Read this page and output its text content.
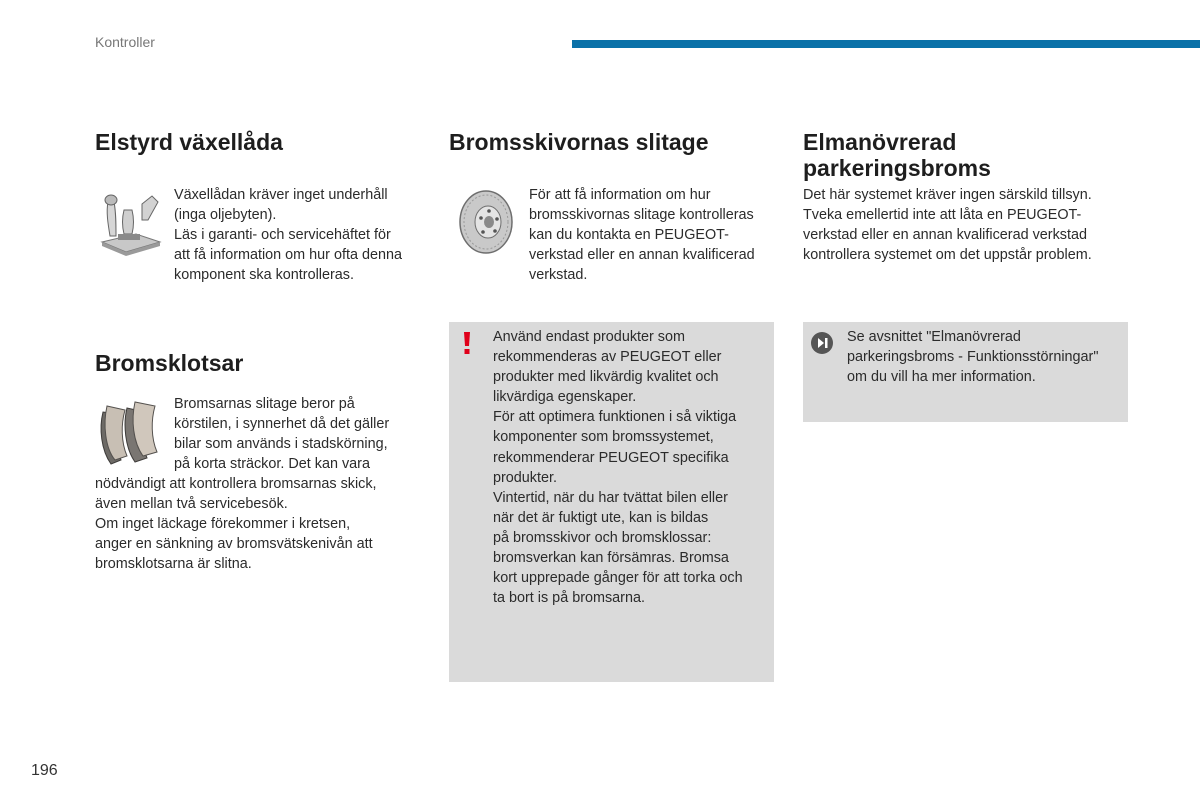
Kontroller
Elstyrd växellåda

Växellådan kräver inget underhåll
(inga oljebyten).
Läs i garanti- och servicehäftet för
att få information om hur ofta denna
komponent ska kontrolleras.

Bromsklotsar

Bromsarnas slitage beror på
körstilen, i synnerhet då det gäller
bilar som används i stadskörning,
på korta sträckor. Det kan vara

nödvändigt att kontrollera bromsarnas skick,
även mellan två servicebesök.
Om inget läckage förekommer i kretsen,
anger en sänkning av bromsvätskenivån att
bromsklotsarna är slitna.

Bromsskivornas slitage

För att få information om hur
bromsskivornas slitage kontrolleras
kan du kontakta en PEUGEOT-
verkstad eller en annan kvalificerad
verkstad.

Använd endast produkter som
rekommenderas av PEUGEOT eller
produkter med likvärdig kvalitet och
likvärdiga egenskaper.
För att optimera funktionen i så viktiga
komponenter som bromssystemet,
rekommenderar PEUGEOT specifika
produkter.
Vintertid, när du har tvättat bilen eller
när det är fuktigt ute, kan is bildas
på bromsskivor och bromsklossar:
bromsverkan kan försämras. Bromsa
kort upprepade gånger för att torka och
ta bort is på bromsarna.

Elmanövrerad
parkeringsbroms

Det här systemet kräver ingen särskild tillsyn.
Tveka emellertid inte att låta en PEUGEOT-
verkstad eller en annan kvalificerad verkstad
kontrollera systemet om det uppstår problem.

Se avsnittet "Elmanövrerad
parkeringsbroms - Funktionsstörningar"
om du vill ha mer information.

196
